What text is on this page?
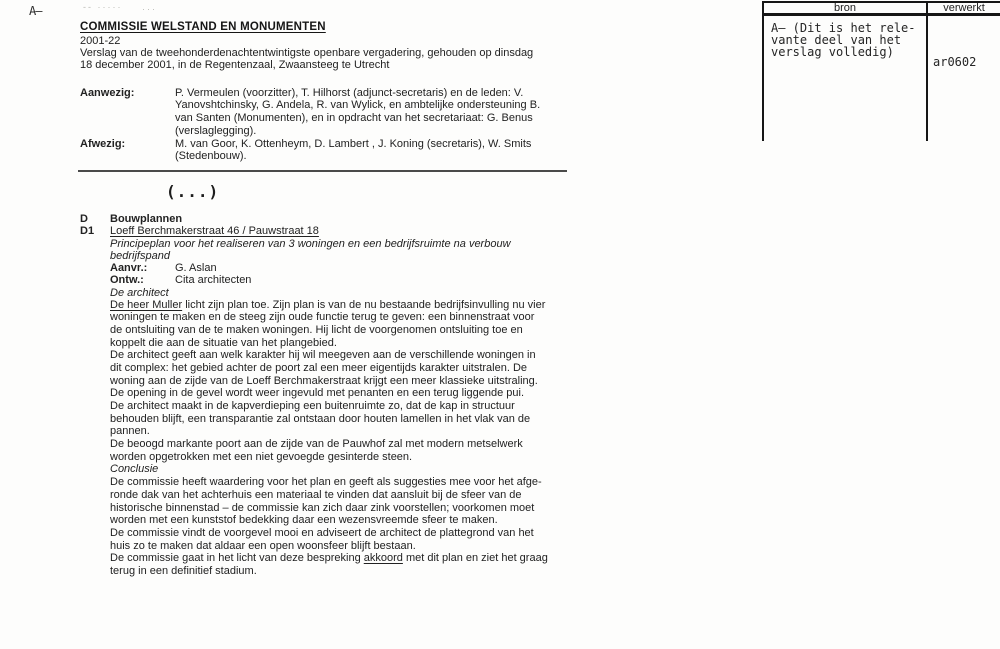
A–	-- ····· ···	bron	verwerkt
A– (Dit is het rele-
vante deel van het
verslag volledig)
ar0602
COMMISSIE WELSTAND EN MONUMENTEN
2001-22
Verslag van de tweehonderdenachtentwintigste openbare vergadering, gehouden op dinsdag
18 december 2001, in de Regentenzaal, Zwaansteeg te Utrecht
Aanwezig:	P. Vermeulen (voorzitter), T. Hilhorst (adjunct-secretaris) en de leden: V.
Yanovshtchinsky, G. Andela, R. van Wylick, en ambtelijke ondersteuning B.
van Santen (Monumenten), en in opdracht van het secretariaat: G. Benus
(verslaglegging).
Afwezig:	M. van Goor, K. Ottenheym, D. Lambert , J. Koning (secretaris), W. Smits
(Stedenbouw).
(...)
D Bouwplannen
D1 Loeff Berchmakerstraat 46 / Pauwstraat 18
Principeplan voor het realiseren van 3 woningen en een bedrijfsruimte na verbouw
bedrijfspand
Aanvr.:	G. Aslan
Ontw.:	Cita architecten
De architect
De heer Muller licht zijn plan toe. Zijn plan is van de nu bestaande bedrijfsinvulling nu vier
woningen te maken en de steeg zijn oude functie terug te geven: een binnenstraat voor
de ontsluiting van de te maken woningen. Hij licht de voorgenomen ontsluiting toe en
koppelt die aan de situatie van het plangebied.
De architect geeft aan welk karakter hij wil meegeven aan de verschillende woningen in
dit complex: het gebied achter de poort zal een meer eigentijds karakter uitstralen. De
woning aan de zijde van de Loeff Berchmakerstraat krijgt een meer klassieke uitstraling.
De opening in de gevel wordt weer ingevuld met penanten en een terug liggende pui.
De architect maakt in de kapverdieping een buitenruimte zo, dat de kap in structuur
behouden blijft, een transparantie zal ontstaan door houten lamellen in het vlak van de
pannen.
De beoogd markante poort aan de zijde van de Pauwhof zal met modern metselwerk
worden opgetrokken met een niet gevoegde gesinterde steen.
Conclusie
De commissie heeft waardering voor het plan en geeft als suggesties mee voor het afge-
ronde dak van het achterhuis een materiaal te vinden dat aansluit bij de sfeer van de
historische binnenstad – de commissie kan zich daar zink voorstellen; voorkomen moet
worden met een kunststof bedekking daar een wezensvreemde sfeer te maken.
De commissie vindt de voorgevel mooi en adviseert de architect de plattegrond van het
huis zo te maken dat aldaar een open woonsfeer blijft bestaan.
De commissie gaat in het licht van deze bespreking akkoord met dit plan en ziet het graag
terug in een definitief stadium.
